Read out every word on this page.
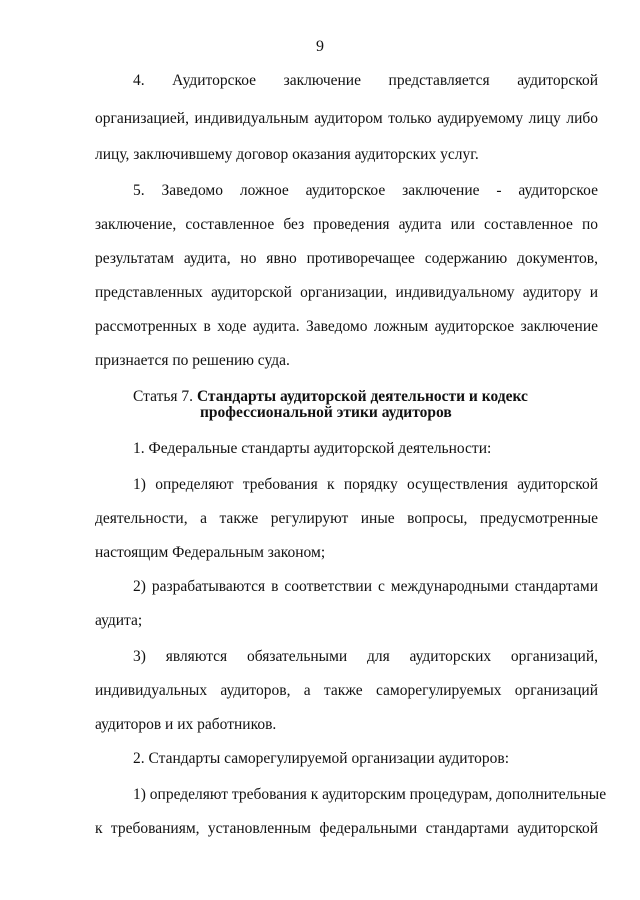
9
4. Аудиторское заключение представляется аудиторской
организацией, индивидуальным аудитором только аудируемому лицу либо
лицу, заключившему договор оказания аудиторских услуг.
5. Заведомо ложное аудиторское заключение - аудиторское
заключение, составленное без проведения аудита или составленное по
результатам аудита, но явно противоречащее содержанию документов,
представленных аудиторской организации, индивидуальному аудитору и
рассмотренных в ходе аудита. Заведомо ложным аудиторское заключение
признается по решению суда.
Статья 7. Стандарты аудиторской деятельности и кодекс
профессиональной этики аудиторов
1. Федеральные стандарты аудиторской деятельности:
1) определяют требования к порядку осуществления аудиторской
деятельности, а также регулируют иные вопросы, предусмотренные
настоящим Федеральным законом;
2) разрабатываются в соответствии с международными стандартами
аудита;
3) являются обязательными для аудиторских организаций,
индивидуальных аудиторов, а также саморегулируемых организаций
аудиторов и их работников.
2. Стандарты саморегулируемой организации аудиторов:
1) определяют требования к аудиторским процедурам, дополнительные
к требованиям, установленным федеральными стандартами аудиторской
